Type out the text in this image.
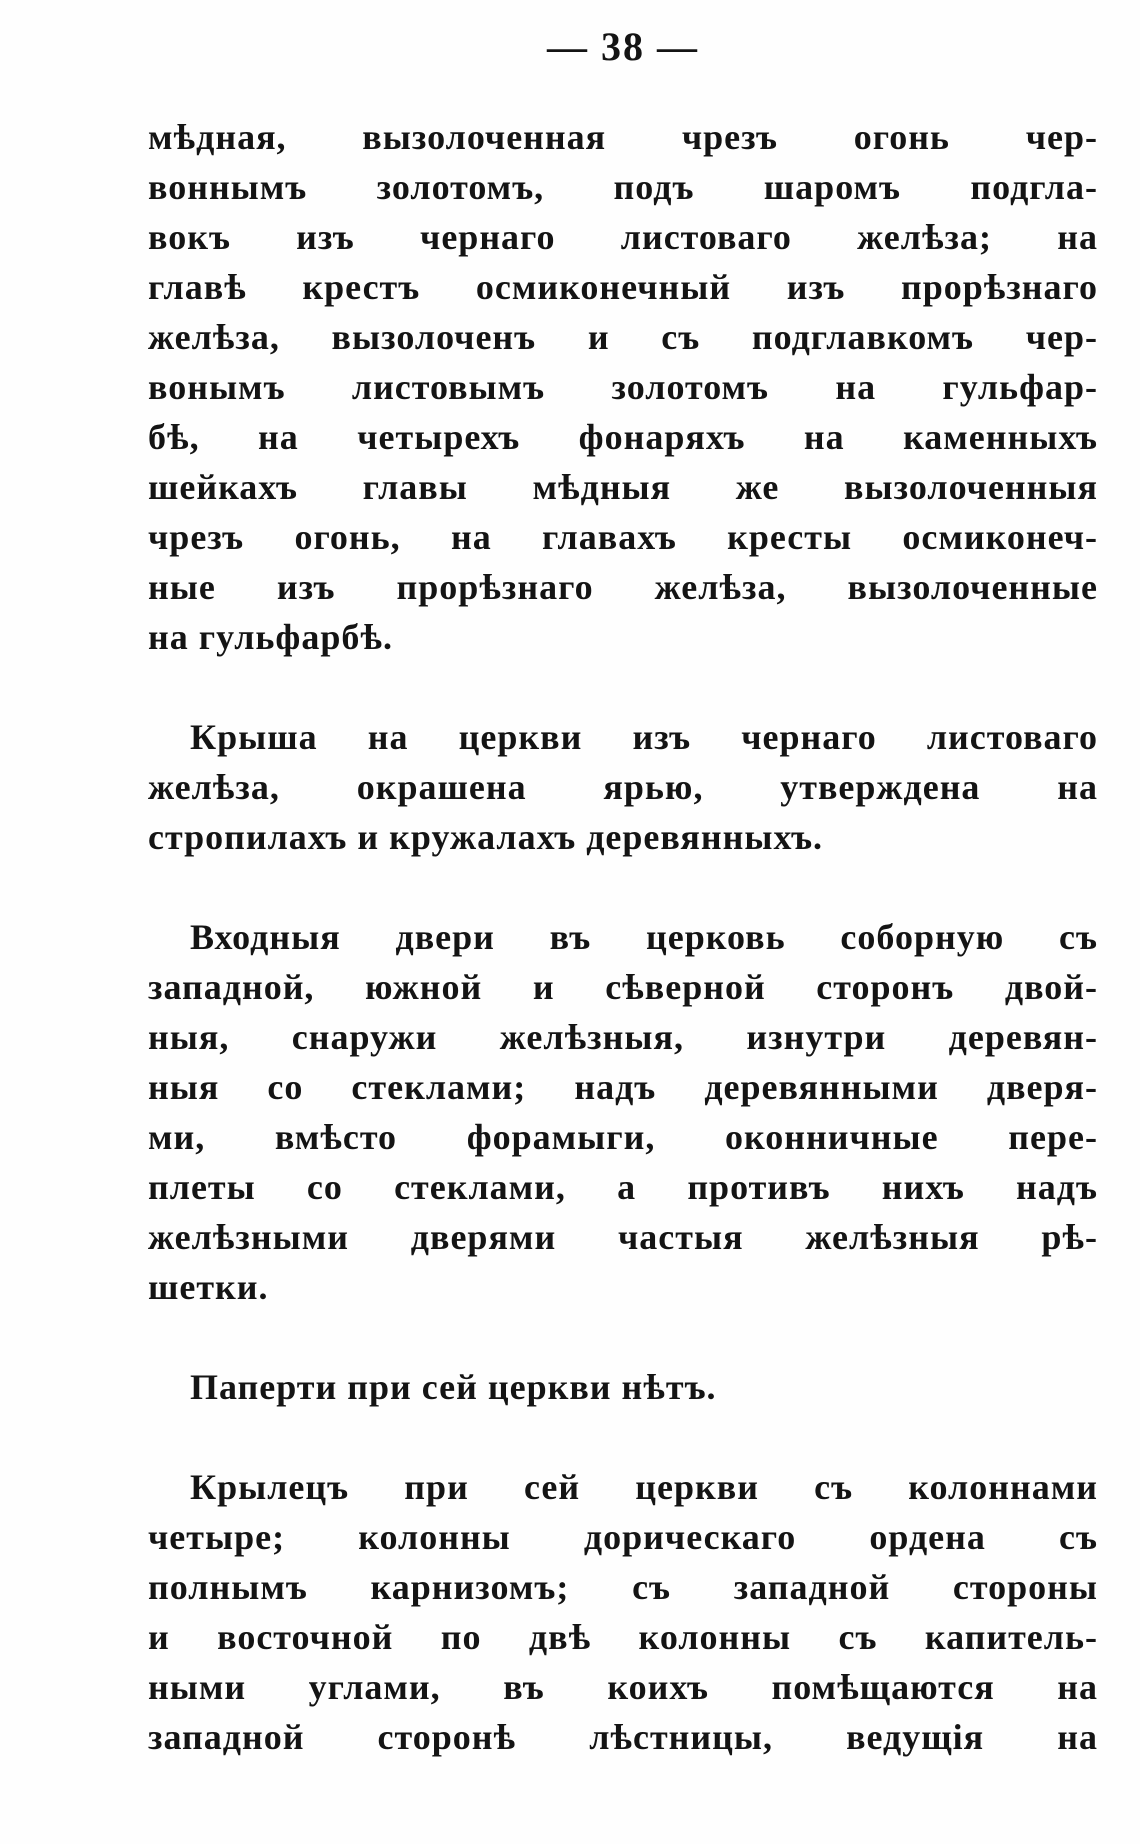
— 38 —
мѣдная, вызолоченная чрезъ огонь чер-
воннымъ золотомъ, подъ шаромъ подгла-
вокъ изъ чернаго листоваго желѣза; на
главѣ крестъ осмиконечный изъ прорѣзнаго
желѣза, вызолоченъ и съ подглавкомъ чер-
вонымъ листовымъ золотомъ на гульфар-
бѣ, на четырехъ фонаряхъ на каменныхъ
шейкахъ главы мѣдныя же вызолоченныя
чрезъ огонь, на главахъ кресты осмиконеч-
ные изъ прорѣзнаго желѣза, вызолоченные
на гульфарбѣ.
Крыша на церкви изъ чернаго листоваго
желѣза, окрашена ярью, утверждена на
стропилахъ и кружалахъ деревянныхъ.
Входныя двери въ церковь соборную съ
западной, южной и сѣверной сторонъ двой-
ныя, снаружи желѣзныя, изнутри деревян-
ныя со стеклами; надъ деревянными дверя-
ми, вмѣсто форамыги, оконничные пере-
плеты со стеклами, а противъ нихъ надъ
желѣзными дверями частыя желѣзныя рѣ-
шетки.
Паперти при сей церкви нѣтъ.
Крылецъ при сей церкви съ колоннами
четыре; колонны дорическаго ордена съ
полнымъ карнизомъ; съ западной стороны
и восточной по двѣ колонны съ капитель-
ными углами, въ коихъ помѣщаются на
западной сторонѣ лѣстницы, ведущія на
